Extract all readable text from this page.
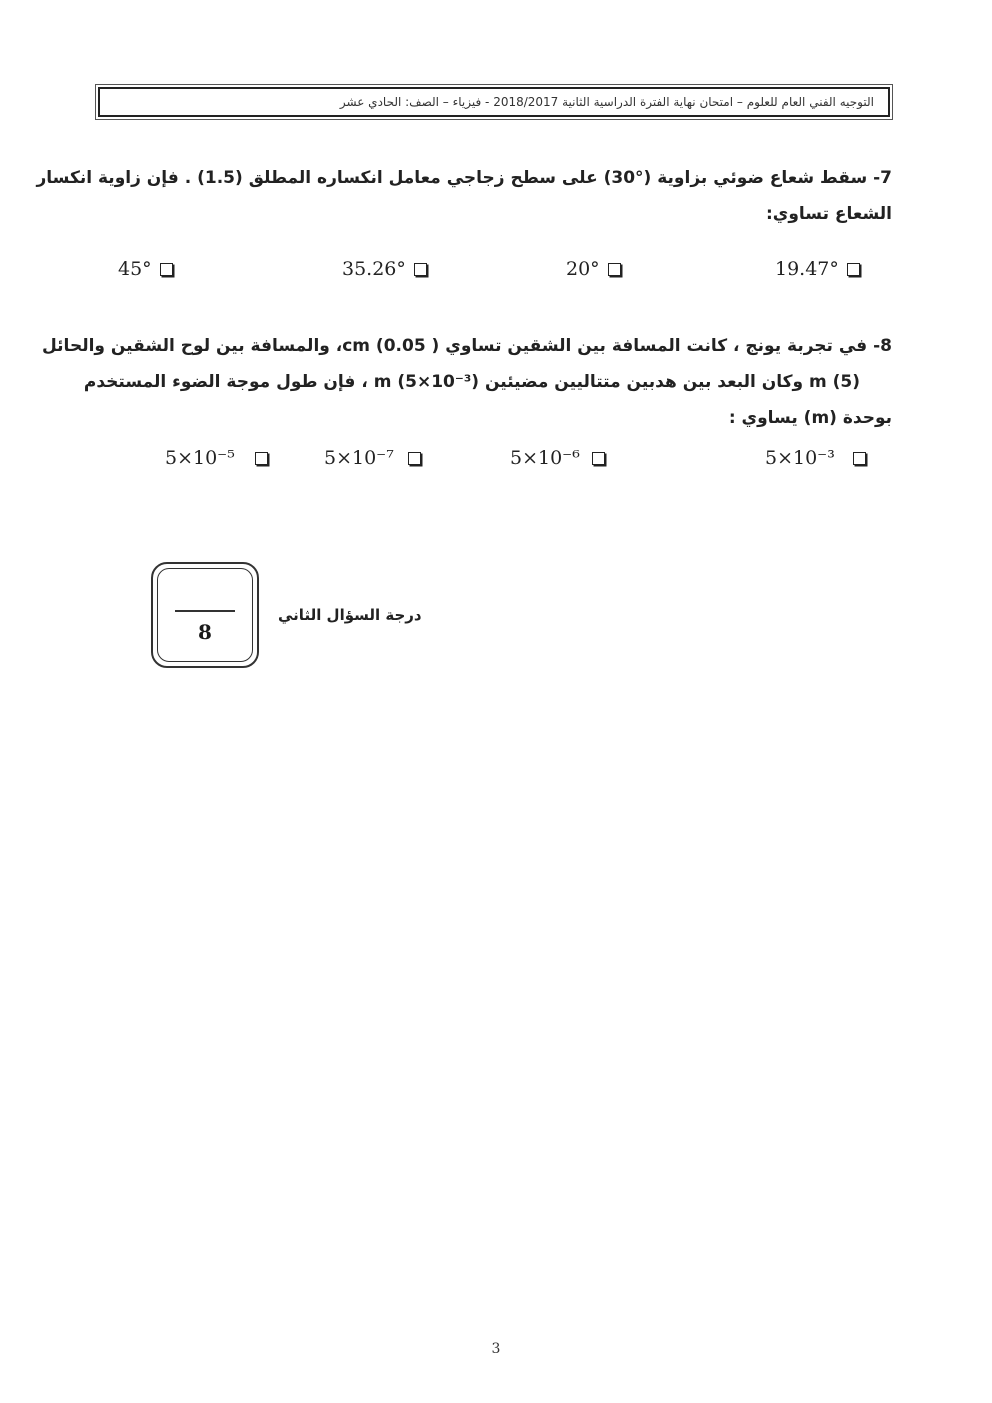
التوجيه الفني العام للعلوم – امتحان نهاية الفترة الدراسية الثانية 2018/2017 - فيزياء – الصف: الحادي عشر
7- سقط شعاع ضوئي بزاوية (°30) على سطح زجاجي معامل انكساره المطلق (1.5) . فإن زاوية انكسار
الشعاع تساوي:
45°	35.26°	20°	19.47°
8- في تجربة يونج ، كانت المسافة بين الشقين تساوي cm (0.05 )، والمسافة بين لوح الشقين والحائل
m (5) وكان البعد بين هدبين متتاليين مضيئين m (5×10⁻³) ، فإن طول موجة الضوء المستخدم
بوحدة (m) يساوي :
5×10⁻⁵	5×10⁻⁷	5×10⁻⁶	5×10⁻³
8
درجة السؤال الثاني
3
